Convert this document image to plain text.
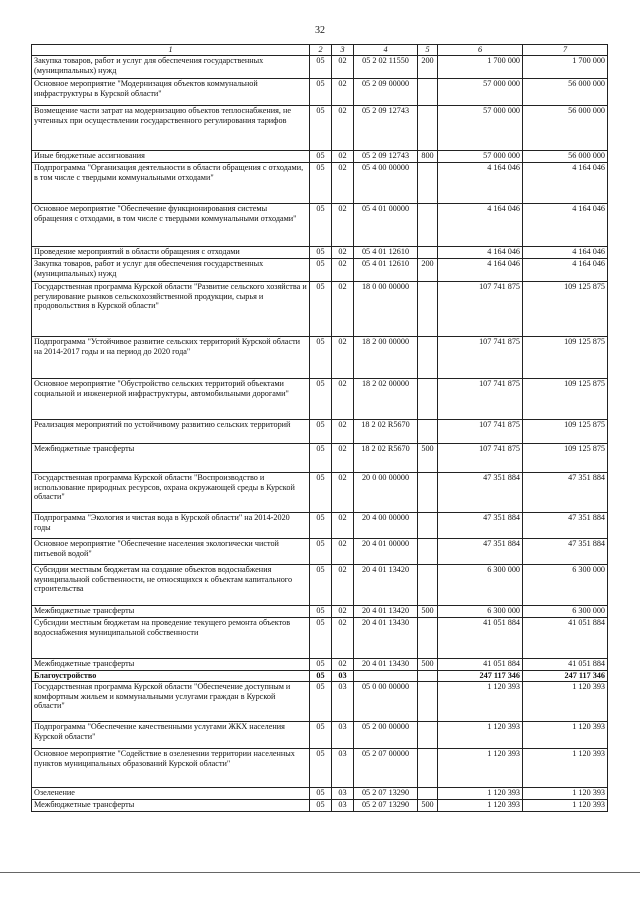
32
1	2	3	4	5	6	7
Закупка товаров, работ и услуг для обеспечения государственных (муниципальных) нужд	05	02	05 2 02 11550	200	1 700 000	1 700 000
Основное мероприятие "Модернизация объектов коммунальной инфраструктуры в Курской области"	05	02	05 2 09 00000		57 000 000	56 000 000
Возмещение части затрат на модернизацию объектов теплоснабжения, не учтенных при осуществлении государственного регулирования тарифов	05	02	05 2 09 12743		57 000 000	56 000 000
Иные бюджетные ассигнования	05	02	05 2 09 12743	800	57 000 000	56 000 000
Подпрограмма "Организация деятельности в области обращения с отходами, в том числе с твердыми коммунальными отходами"	05	02	05 4 00 00000		4 164 046	4 164 046
Основное мероприятие "Обеспечение функционирования системы обращения с отходами, в том числе с твердыми коммунальными отходами"	05	02	05 4 01 00000		4 164 046	4 164 046
Проведение мероприятий в области обращения с отходами	05	02	05 4 01 12610		4 164 046	4 164 046
Закупка товаров, работ и услуг для обеспечения государственных (муниципальных) нужд	05	02	05 4 01 12610	200	4 164 046	4 164 046
Государственная программа Курской области "Развитие сельского хозяйства и регулирование рынков сельскохозяйственной продукции, сырья и продовольствия в Курской области"	05	02	18 0 00 00000		107 741 875	109 125 875
Подпрограмма "Устойчивое развитие сельских территорий Курской области на 2014-2017 годы и на период до 2020 года"	05	02	18 2 00 00000		107 741 875	109 125 875
Основное мероприятие "Обустройство сельских территорий объектами социальной и инженерной инфраструктуры, автомобильными дорогами"	05	02	18 2 02 00000		107 741 875	109 125 875
Реализация мероприятий по устойчивому развитию сельских территорий	05	02	18 2 02 R5670		107 741 875	109 125 875
Межбюджетные трансферты	05	02	18 2 02 R5670	500	107 741 875	109 125 875
Государственная программа Курской области "Воспроизводство и использование природных ресурсов, охрана окружающей среды в Курской области"	05	02	20 0 00 00000		47 351 884	47 351 884
Подпрограмма "Экология и чистая вода в Курской области" на 2014-2020 годы	05	02	20 4 00 00000		47 351 884	47 351 884
Основное мероприятие "Обеспечение населения экологически чистой питьевой водой"	05	02	20 4 01 00000		47 351 884	47 351 884
Субсидии местным бюджетам на создание объектов водоснабжения муниципальной собственности, не относящихся к объектам капитального строительства	05	02	20 4 01 13420		6 300 000	6 300 000
Межбюджетные трансферты	05	02	20 4 01 13420	500	6 300 000	6 300 000
Субсидии местным бюджетам на проведение текущего ремонта объектов водоснабжения муниципальной собственности	05	02	20 4 01 13430		41 051 884	41 051 884
Межбюджетные трансферты	05	02	20 4 01 13430	500	41 051 884	41 051 884
Благоустройство	05	03			247 117 346	247 117 346
Государственная программа Курской области "Обеспечение доступным и комфортным жильем и коммунальными услугами граждан в Курской области"	05	03	05 0 00 00000		1 120 393	1 120 393
Подпрограмма "Обеспечение качественными услугами ЖКХ населения Курской области"	05	03	05 2 00 00000		1 120 393	1 120 393
Основное мероприятие "Содействие в озеленении территории населенных пунктов муниципальных образований Курской области"	05	03	05 2 07 00000		1 120 393	1 120 393
Озеленение	05	03	05 2 07 13290		1 120 393	1 120 393
Межбюджетные трансферты	05	03	05 2 07 13290	500	1 120 393	1 120 393
